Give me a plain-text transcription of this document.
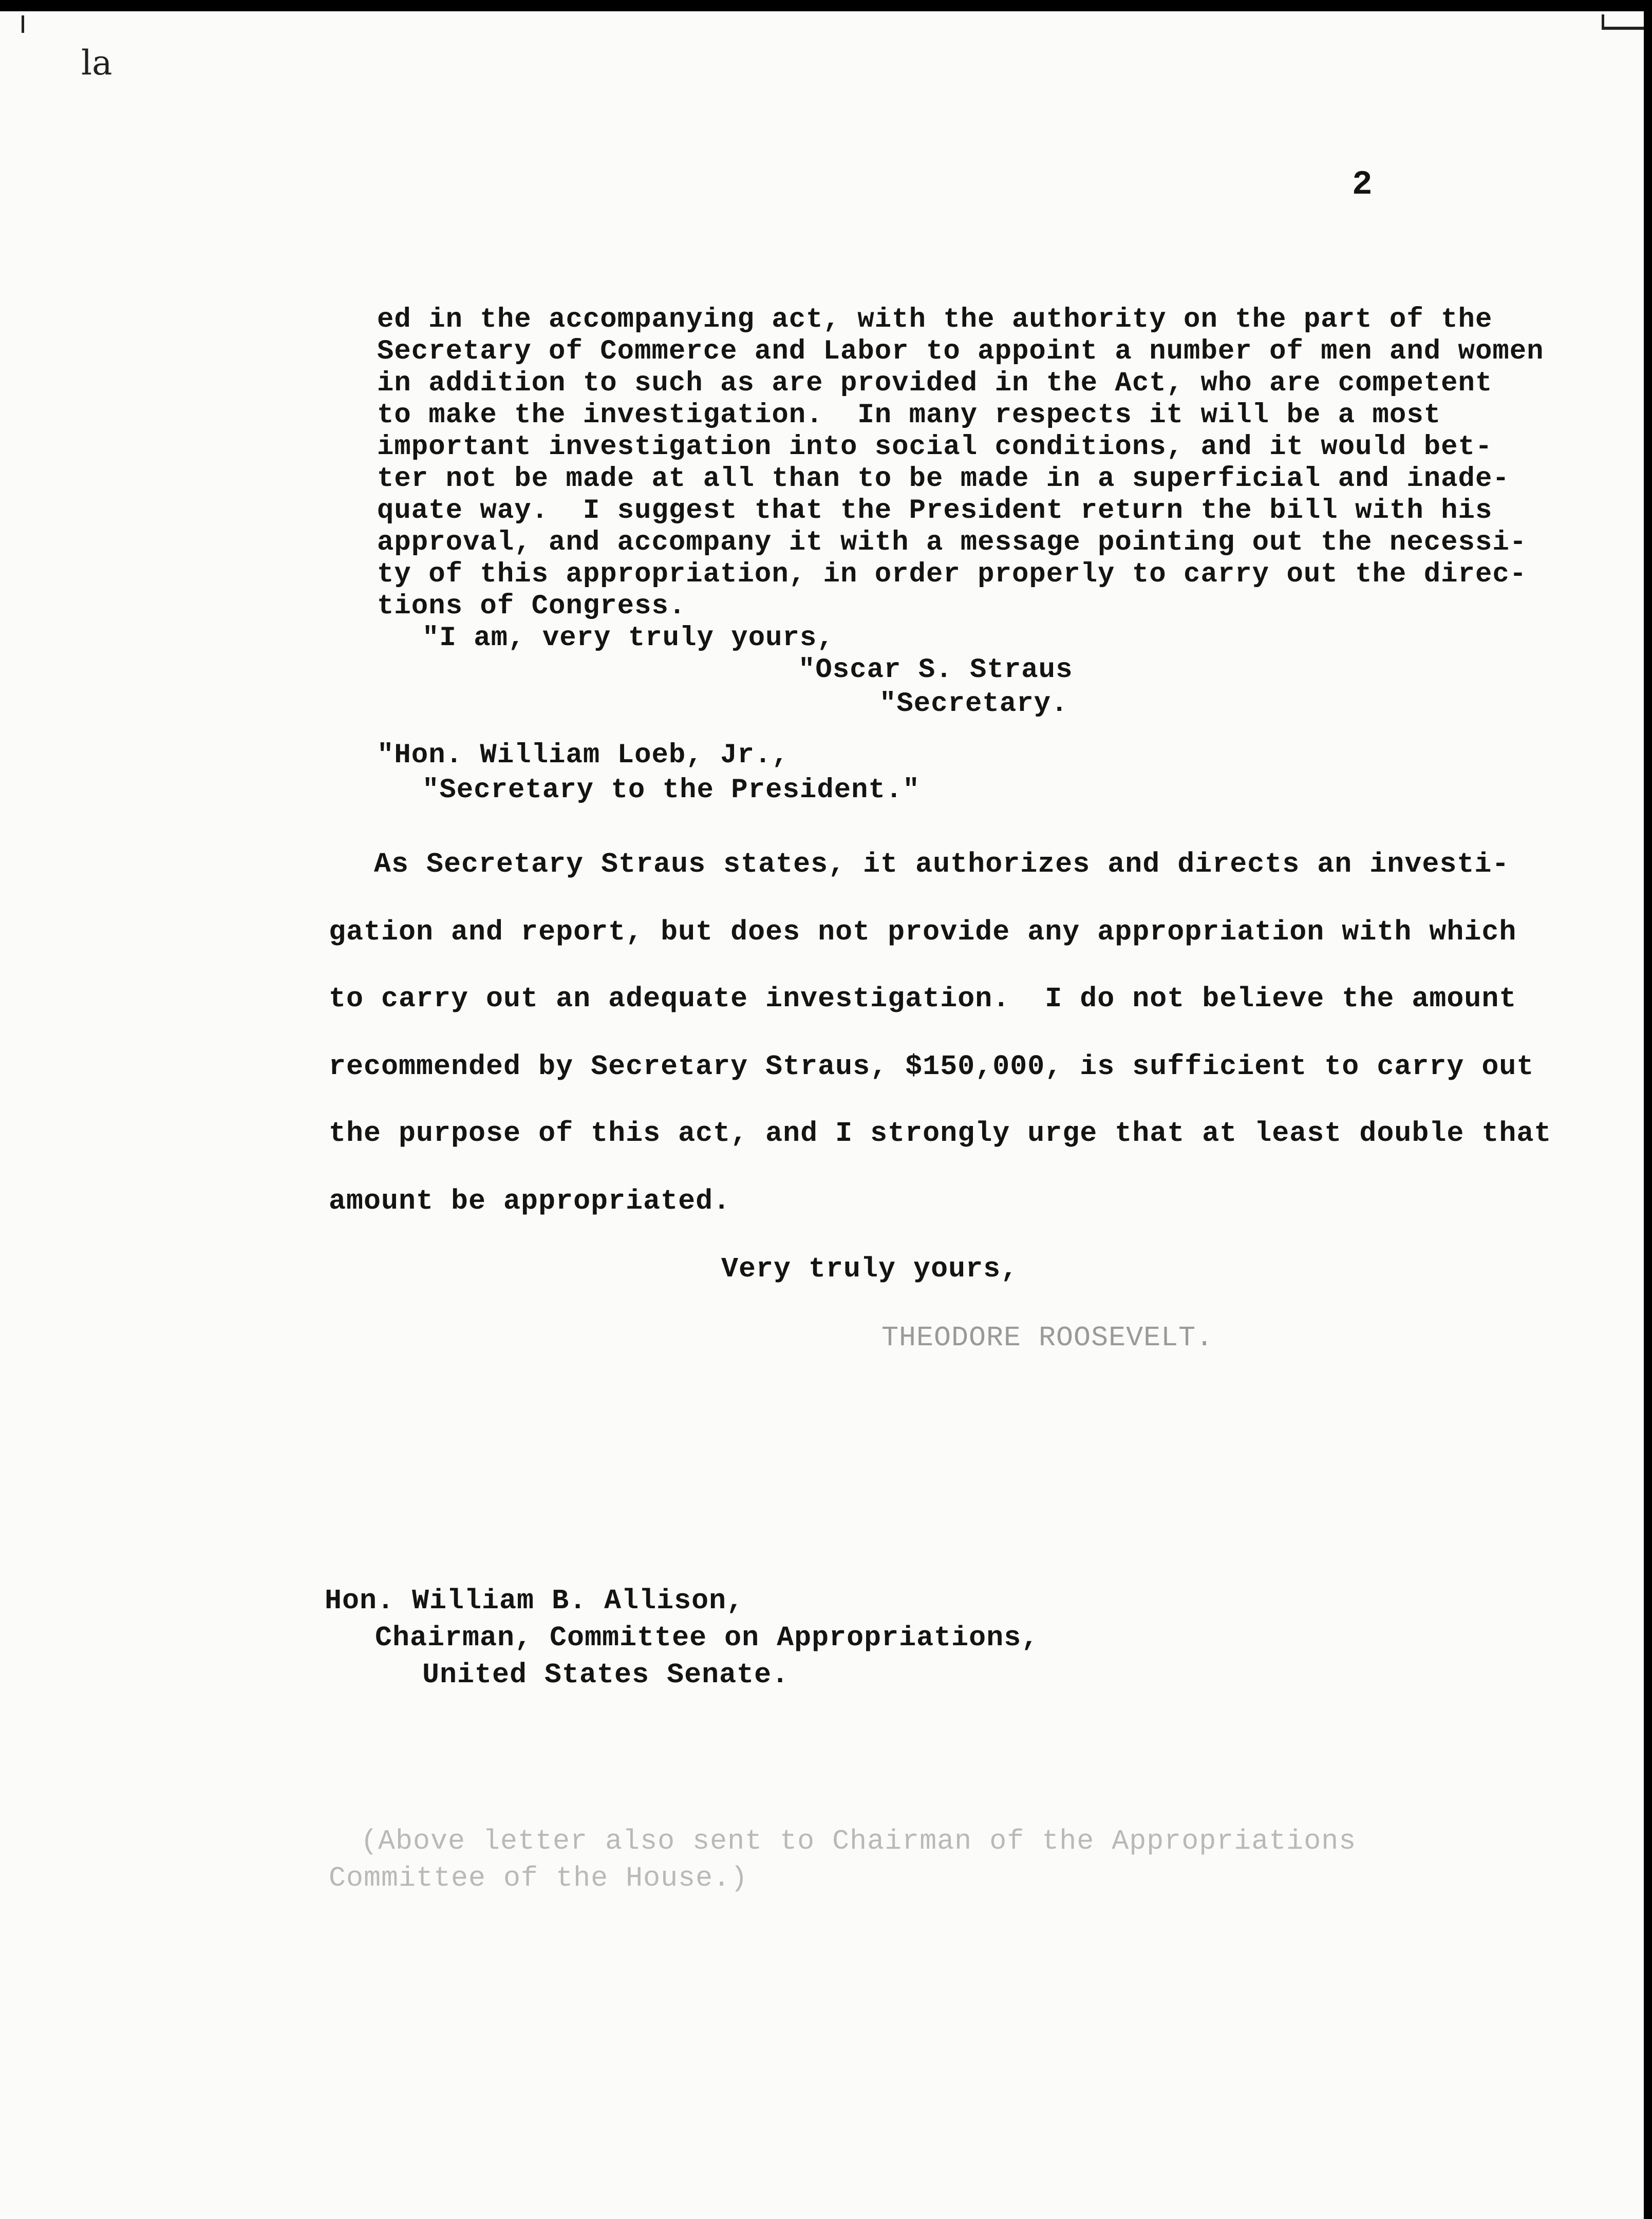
la
2
ed in the accompanying act, with the authority on the part of the
Secretary of Commerce and Labor to appoint a number of men and women
in addition to such as are provided in the Act, who are competent
to make the investigation.  In many respects it will be a most
important investigation into social conditions, and it would bet-
ter not be made at all than to be made in a superficial and inade-
quate way.  I suggest that the President return the bill with his
approval, and accompany it with a message pointing out the necessi-
ty of this appropriation, in order properly to carry out the direc-
tions of Congress.
"I am, very truly yours,
"Oscar S. Straus
"Secretary.
"Hon. William Loeb, Jr.,
"Secretary to the President."
As Secretary Straus states, it authorizes and directs an investi-
gation and report, but does not provide any appropriation with which
to carry out an adequate investigation.  I do not believe the amount
recommended by Secretary Straus, $150,000, is sufficient to carry out
the purpose of this act, and I strongly urge that at least double that
amount be appropriated.
Very truly yours,
THEODORE ROOSEVELT.
Hon. William B. Allison,
Chairman, Committee on Appropriations,
United States Senate.
(Above letter also sent to Chairman of the Appropriations
Committee of the House.)
